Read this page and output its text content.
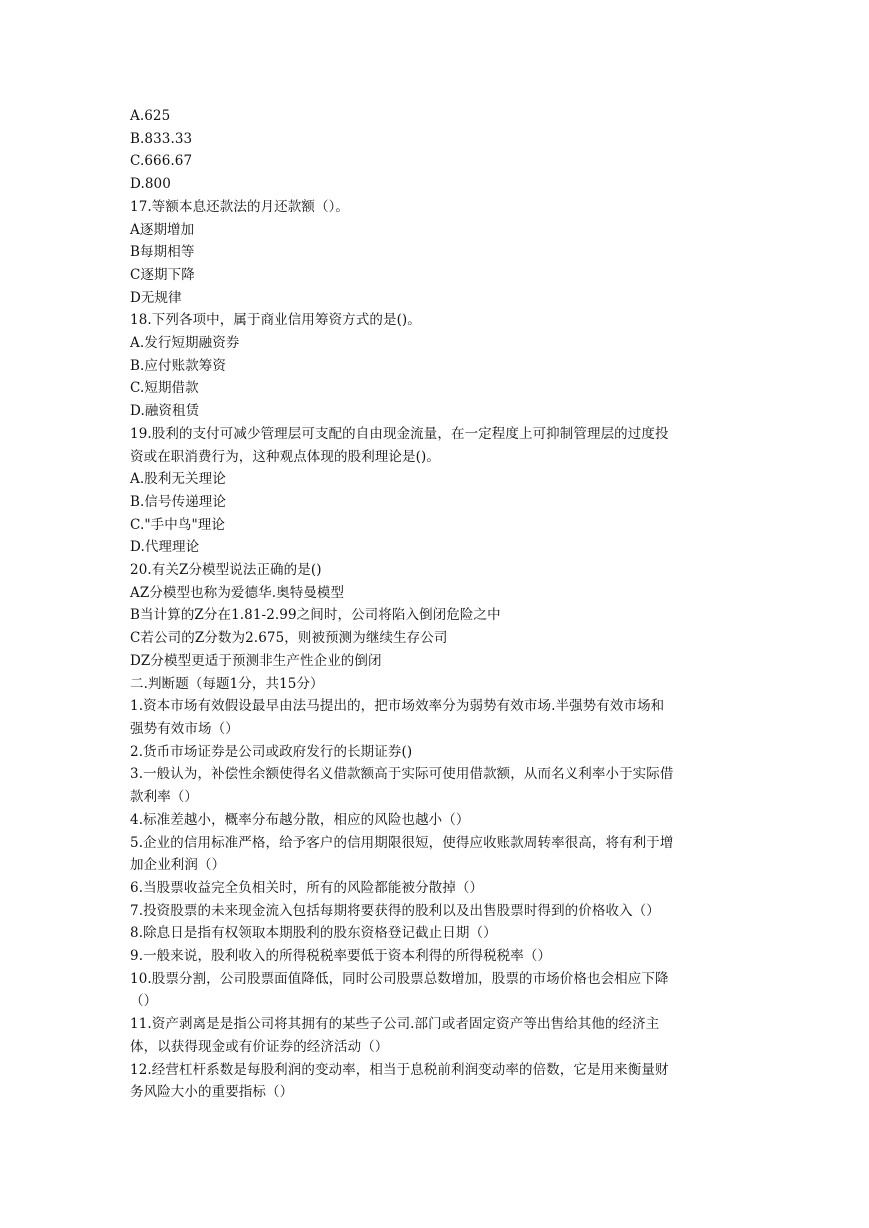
A.625
B.833.33
C.666.67
D.800
17.等额本息还款法的月还款额（）。
A逐期增加
B每期相等
C逐期下降
D无规律
18.下列各项中，属于商业信用筹资方式的是()。
A.发行短期融资券
B.应付账款筹资
C.短期借款
D.融资租赁
19.股利的支付可减少管理层可支配的自由现金流量，在一定程度上可抑制管理层的过度投
资或在职消费行为，这种观点体现的股利理论是()。
A.股利无关理论
B.信号传递理论
C."手中鸟"理论
D.代理理论
20.有关Z分模型说法正确的是()
AZ分模型也称为爱德华.奥特曼模型
B当计算的Z分在1.81-2.99之间时，公司将陷入倒闭危险之中
C若公司的Z分数为2.675，则被预测为继续生存公司
DZ分模型更适于预测非生产性企业的倒闭
二.判断题（每题1分，共15分）
1.资本市场有效假设最早由法马提出的，把市场效率分为弱势有效市场.半强势有效市场和
强势有效市场（）
2.货币市场证券是公司或政府发行的长期证券()
3.一般认为，补偿性余额使得名义借款额高于实际可使用借款额，从而名义利率小于实际借
款利率（）
4.标准差越小，概率分布越分散，相应的风险也越小（）
5.企业的信用标准严格，给予客户的信用期限很短，使得应收账款周转率很高，将有利于增
加企业利润（）
6.当股票收益完全负相关时，所有的风险都能被分散掉（）
7.投资股票的未来现金流入包括每期将要获得的股利以及出售股票时得到的价格收入（）
8.除息日是指有权领取本期股利的股东资格登记截止日期（）
9.一般来说，股利收入的所得税税率要低于资本利得的所得税税率（）
10.股票分割，公司股票面值降低，同时公司股票总数增加，股票的市场价格也会相应下降
（）
11.资产剥离是是指公司将其拥有的某些子公司.部门或者固定资产等出售给其他的经济主
体，以获得现金或有价证券的经济活动（）
12.经营杠杆系数是每股利润的变动率，相当于息税前利润变动率的倍数，它是用来衡量财
务风险大小的重要指标（）
